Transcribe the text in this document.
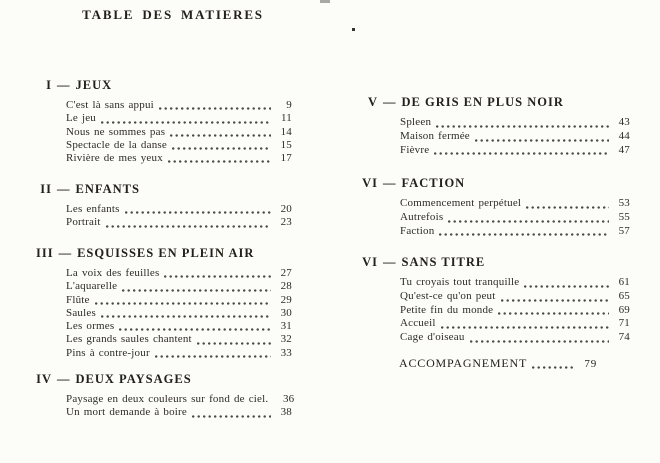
TABLE DES MATIERES
I — JEUX
C'est là sans appui	9
Le jeu	11
Nous ne sommes pas	14
Spectacle de la danse	15
Rivière de mes yeux	17
II — ENFANTS
Les enfants	20
Portrait	23
III — ESQUISSES EN PLEIN AIR
La voix des feuilles	27
L'aquarelle	28
Flûte	29
Saules	30
Les ormes	31
Les grands saules chantent	32
Pins à contre-jour	33
IV — DEUX PAYSAGES
Paysage en deux couleurs sur fond de ciel.	36
Un mort demande à boire	38
V — DE GRIS EN PLUS NOIR
Spleen	43
Maison fermée	44
Fièvre	47
VI — FACTION
Commencement perpétuel	53
Autrefois	55
Faction	57
VI — SANS TITRE
Tu croyais tout tranquille	61
Qu'est-ce qu'on peut	65
Petite fin du monde	69
Accueil	71
Cage d'oiseau	74
ACCOMPAGNEMENT	79
